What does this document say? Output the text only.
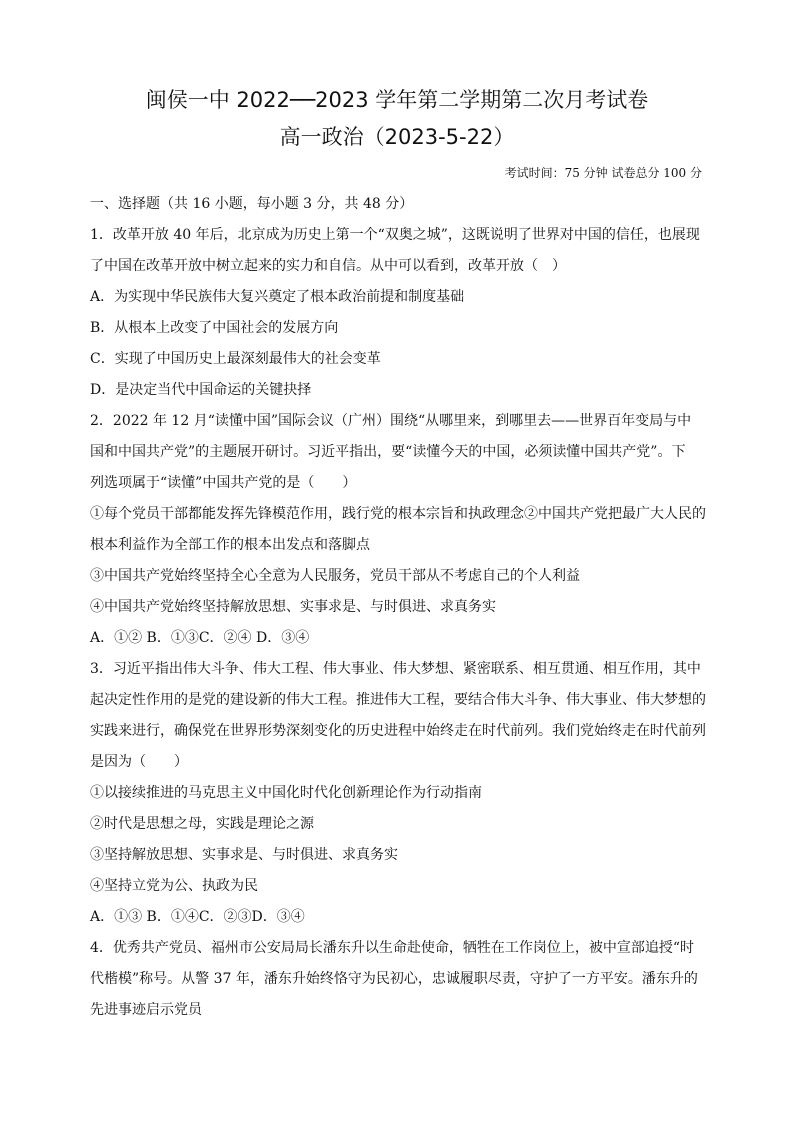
闽侯一中 2022──2023 学年第二学期第二次月考试卷
高一政治（2023-5-22）
考试时间：75 分钟 试卷总分 100 分

一、选择题（共 16 小题，每小题 3 分，共 48 分）

1．改革开放 40 年后，北京成为历史上第一个“双奥之城”，这既说明了世界对中国的信任，也展现

了中国在改革开放中树立起来的实力和自信。从中可以看到，改革开放（　）

A．为实现中华民族伟大复兴奠定了根本政治前提和制度基础

B．从根本上改变了中国社会的发展方向

C．实现了中国历史上最深刻最伟大的社会变革

D．是决定当代中国命运的关键抉择

2．2022 年 12 月“读懂中国”国际会议（广州）围绕“从哪里来，到哪里去——世界百年变局与中

国和中国共产党”的主题展开研讨。习近平指出，要“读懂今天的中国，必须读懂中国共产党”。下

列选项属于“读懂”中国共产党的是（　　）

①每个党员干部都能发挥先锋模范作用，践行党的根本宗旨和执政理念②中国共产党把最广大人民的

根本利益作为全部工作的根本出发点和落脚点

③中国共产党始终坚持全心全意为人民服务，党员干部从不考虑自己的个人利益

④中国共产党始终坚持解放思想、实事求是、与时俱进、求真务实

A．①② B．①③C．②④ D．③④

3．习近平指出伟大斗争、伟大工程、伟大事业、伟大梦想、紧密联系、相互贯通、相互作用，其中

起决定性作用的是党的建设新的伟大工程。推进伟大工程，要结合伟大斗争、伟大事业、伟大梦想的

实践来进行，确保党在世界形势深刻变化的历史进程中始终走在时代前列。我们党始终走在时代前列

是因为（　　）

①以接续推进的马克思主义中国化时代化创新理论作为行动指南

②时代是思想之母，实践是理论之源

③坚持解放思想、实事求是、与时俱进、求真务实

④坚持立党为公、执政为民

A．①③ B．①④C．②③D．③④

4．优秀共产党员、福州市公安局局长潘东升以生命赴使命，牺牲在工作岗位上，被中宣部追授“时

代楷模”称号。从警 37 年，潘东升始终恪守为民初心，忠诚履职尽责，守护了一方平安。潘东升的

先进事迹启示党员
